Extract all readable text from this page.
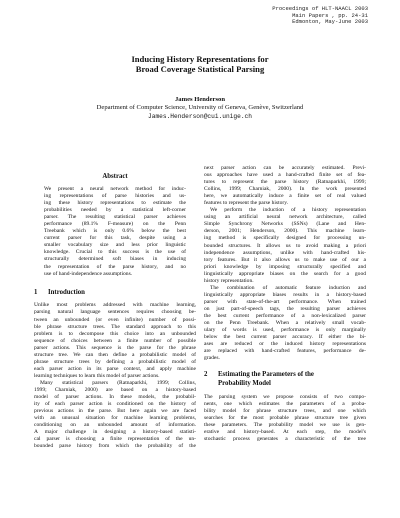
Proceedings of HLT-NAACL 2003
Main Papers , pp. 24-31
Edmonton, May-June 2003
Inducing History Representations for
Broad Coverage Statistical Parsing
James Henderson
Department of Computer Science, University of Geneva, Genève, Switzerland
James.Henderson@cui.unige.ch
Abstract
We present a neural network method for induc-
ing representations of parse histories and us-
ing these history representations to estimate the
probabilities needed by a statistical left-corner
parser. The resulting statistical parser achieves
performance (89.1% F-measure) on the Penn
Treebank which is only 0.6% below the best
current parser for this task, despite using a
smaller vocabulary size and less prior linguistic
knowledge. Crucial to this success is the use of
structurally determined soft biases in inducing
the representation of the parse history, and no
use of hand-independence assumptions.
1 Introduction
Unlike most problems addressed with machine learning,
parsing natural language sentences requires choosing be-
tween an unbounded (or even infinite) number of possi-
ble phrase structure trees. The standard approach to this
problem is to decompose this choice into an unbounded
sequence of choices between a finite number of possible
parser actions. This sequence is the parse for the phrase
structure tree. We can then define a probabilistic model of
phrase structure trees by defining a probabilistic model of
each parser action in its parse context, and apply machine
learning techniques to learn this model of parser actions.
Many statistical parsers (Ratnaparkhi, 1999; Collins,
1999; Charniak, 2000) are based on a history-based
model of parser actions. In these models, the probabil-
ity of each parser action is conditioned on the history of
previous actions in the parse. But here again we are faced
with an unusual situation for machine learning problems,
conditioning on an unbounded amount of information.
A major challenge in designing a history-based statisti-
cal parser is choosing a finite representation of the un-
bounded parse history from which the probability of the
next parser action can be accurately estimated. Previ-
ous approaches have used a hand-crafted finite set of fea-
tures to represent the parse history (Ratnaparkhi, 1999;
Collins, 1999; Charniak, 2000). In the work presented
here, we automatically induce a finite set of real valued
features to represent the parse history.
We perform the induction of a history representation
using an artificial neural network architecture, called
Simple Synchrony Networks (SSNs) (Lane and Hen-
derson, 2001; Henderson, 2000). This machine learn-
ing method is specifically designed for processing un-
bounded structures. It allows us to avoid making a priori
independence assumptions, unlike with hand-crafted his-
tory features. But it also allows us to make use of our a
priori knowledge by imposing structurally specified and
linguistically appropriate biases on the search for a good
history representation.
The combination of automatic feature induction and
linguistically appropriate biases results in a history-based
parser with state-of-the-art performance. When trained
on just part-of-speech tags, the resulting parser achieves
the best current performance of a non-lexicalized parser
on the Penn Treebank. When a relatively small vocab-
ulary of words is used, performance is only marginally
below the best current parser accuracy. If either the bi-
ases are reduced or the induced history representations
are replaced with hand-crafted features, performance de-
grades.
2 Estimating the Parameters of the
Probability Model
The parsing system we propose consists of two compo-
nents, one which estimates the parameters of a proba-
bility model for phrase structure trees, and one which
searches for the most probable phrase structure tree given
these parameters. The probability model we use is gen-
erative and history-based. At each step, the model's
stochastic process generates a characteristic of the tree
